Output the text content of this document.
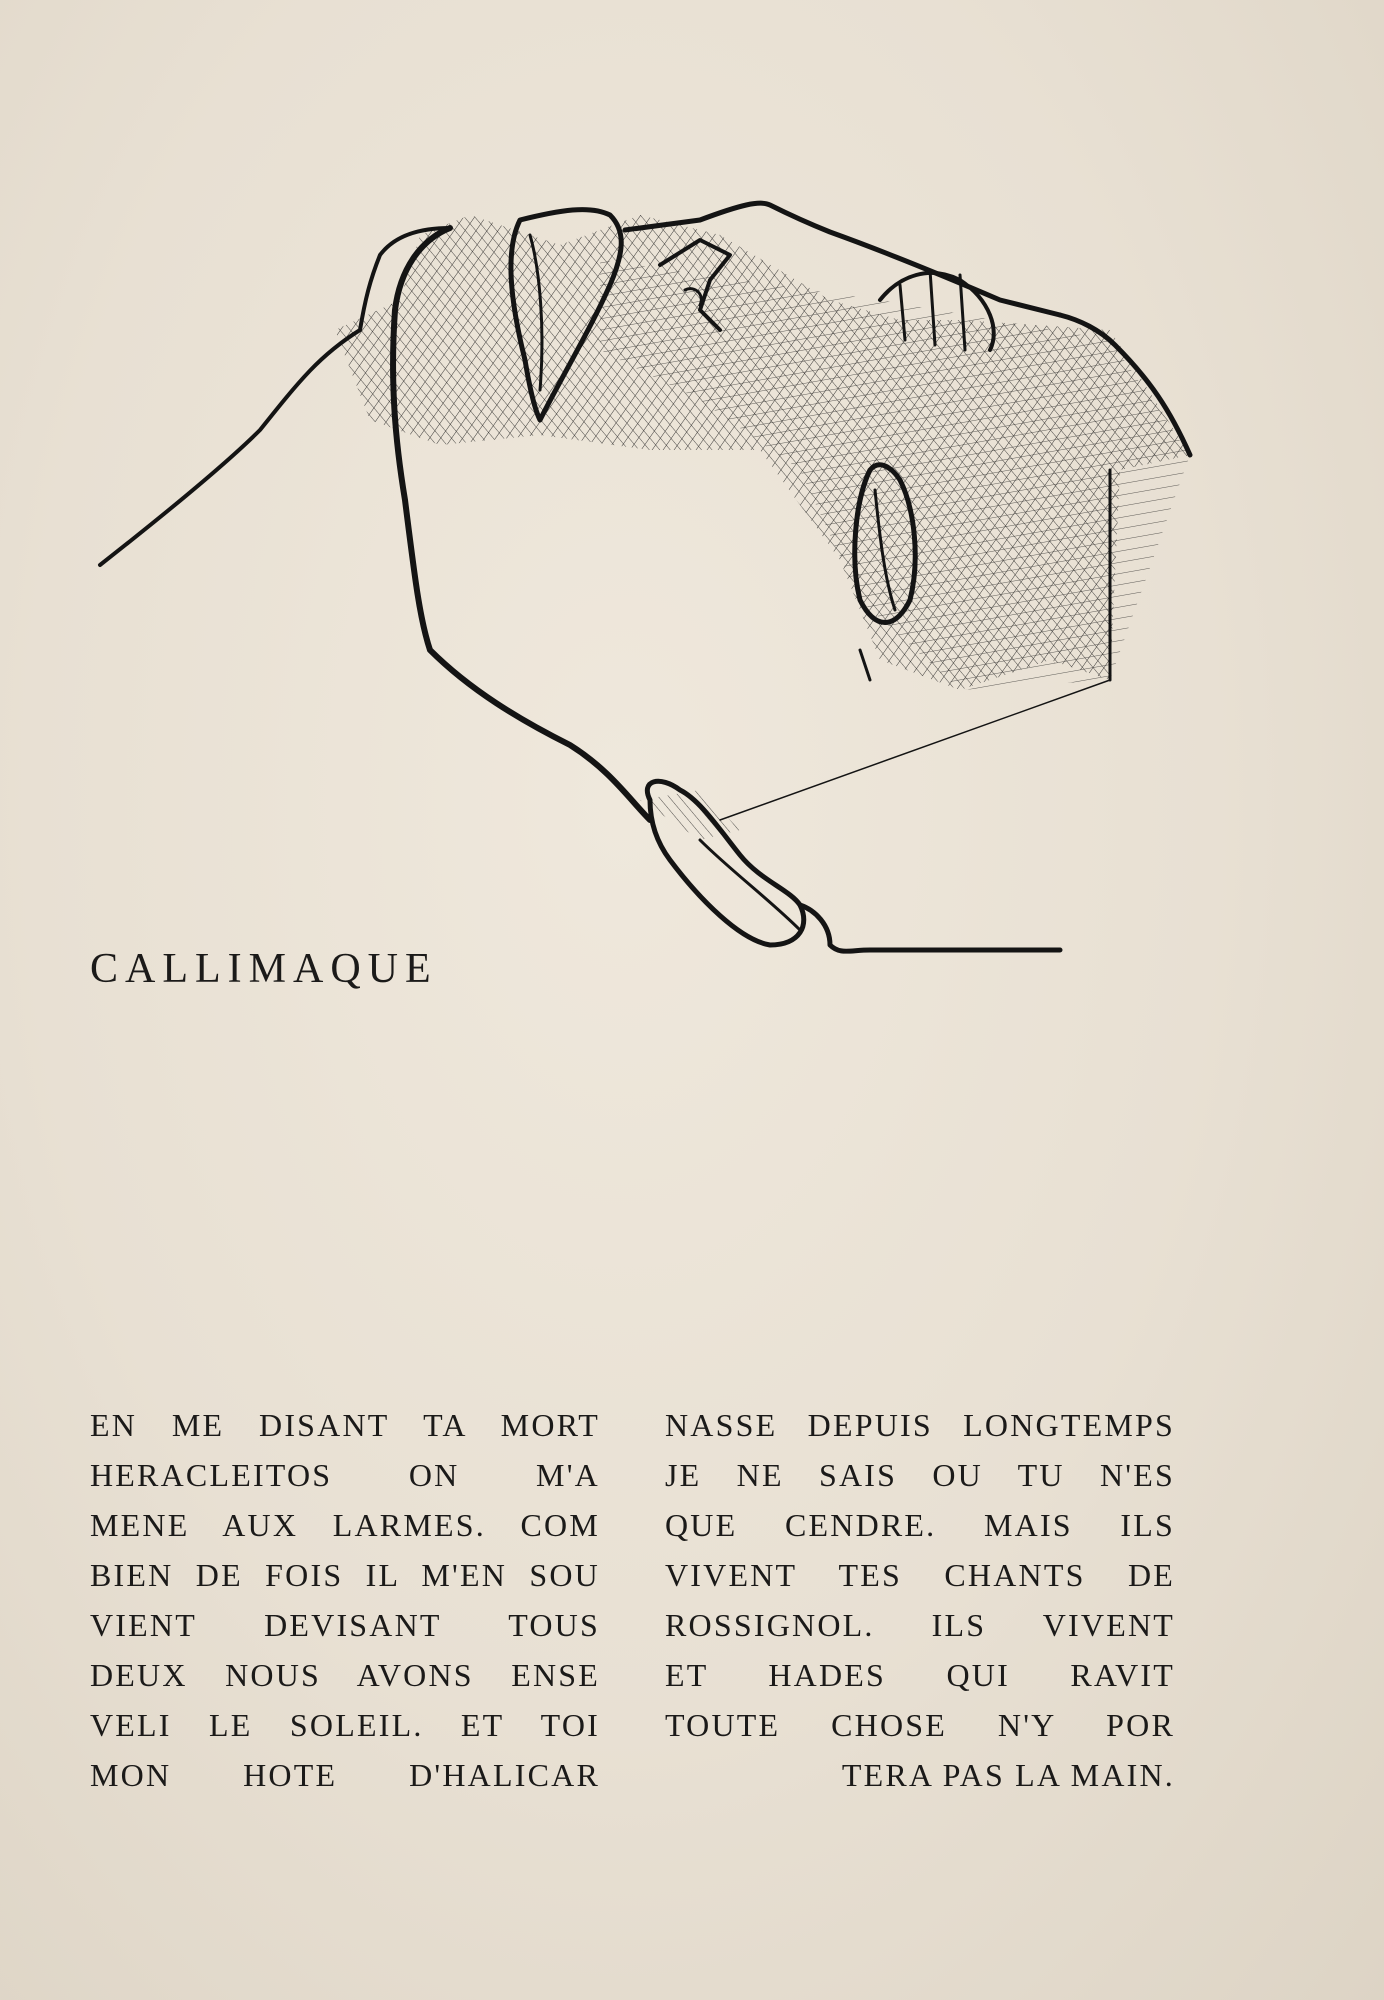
CALLIMAQUE
EN ME DISANT TA MORT
HERACLEITOS ON M'A
MENE AUX LARMES. COM
BIEN DE FOIS IL M'EN SOU
VIENT DEVISANT TOUS
DEUX NOUS AVONS ENSE
VELI LE SOLEIL. ET TOI
MON HOTE D'HALICAR
NASSE DEPUIS LONGTEMPS
JE NE SAIS OU TU N'ES
QUE CENDRE. MAIS ILS
VIVENT TES CHANTS DE
ROSSIGNOL. ILS VIVENT
ET HADES QUI RAVIT
TOUTE CHOSE N'Y POR
TERA PAS LA MAIN.
